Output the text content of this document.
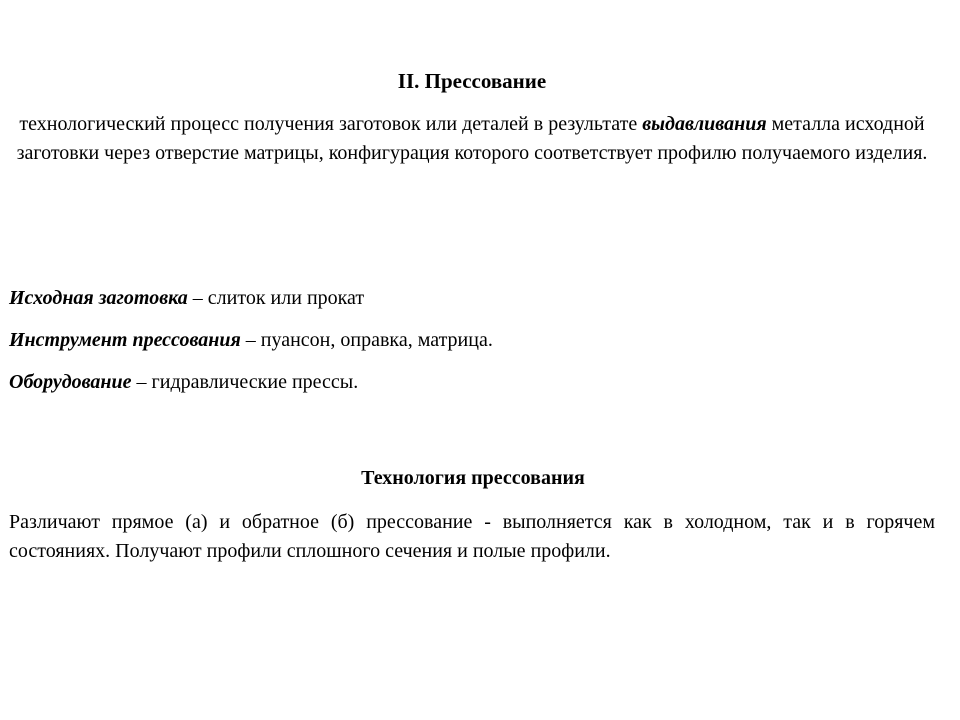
II. Прессование
технологический процесс получения заготовок или деталей в результате выдавливания металла исходной заготовки через отверстие матрицы, конфигурация которого соответствует профилю получаемого изделия.
Исходная заготовка – слиток или прокат
Инструмент прессования – пуансон, оправка, матрица.
Оборудование – гидравлические прессы.
Технология прессования
Различают прямое (а) и обратное (б) прессование - выполняется как в холодном, так и в горячем состояниях. Получают профили сплошного сечения и полые профили.
